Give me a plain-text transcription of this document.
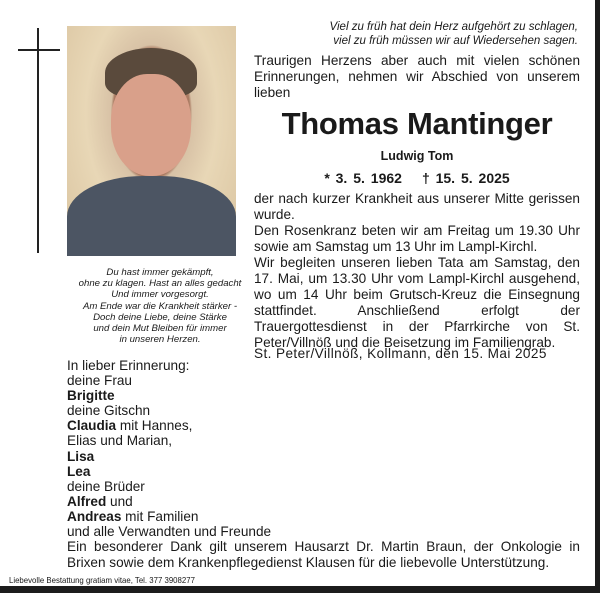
Du hast immer gekämpft,
ohne zu klagen. Hast an alles gedacht
Und immer vorgesorgt.
Am Ende war die Krankheit stärker -
Doch deine Liebe, deine Stärke
und dein Mut Bleiben für immer
in unseren Herzen.
Viel zu früh hat dein Herz aufgehört zu schlagen,
viel zu früh müssen wir auf Wiedersehen sagen.
Traurigen Herzens aber auch mit vielen schönen Erinnerungen, nehmen wir Abschied von unserem lieben
Thomas Mantinger
Ludwig Tom
* 3. 5. 1962 † 15. 5. 2025

der nach kurzer Krankheit aus unserer Mitte gerissen wurde.

Den Rosenkranz beten wir am Freitag um 19.30 Uhr sowie am Samstag um 13 Uhr im Lampl-Kirchl.

Wir begleiten unseren lieben Tata am Samstag, den 17. Mai, um 13.30 Uhr vom Lampl-Kirchl ausgehend, wo um 14 Uhr beim Grutsch-Kreuz die Einsegnung stattfindet. Anschließend erfolgt der Trauergottesdienst in der Pfarrkirche von St. Peter/Villnöß und die Beisetzung im Familiengrab.

St. Peter/Villnöß, Kollmann, den 15. Mai 2025
In lieber Erinnerung:
deine Frau
Brigitte
deine Gitschn
Claudia mit Hannes,
Elias und Marian,
Lisa
Lea
deine Brüder
Alfred und
Andreas mit Familien
und alle Verwandten und Freunde
Ein besonderer Dank gilt unserem Hausarzt Dr. Martin Braun, der Onkologie in Brixen sowie dem Krankenpflegedienst Klausen für die liebevolle Unterstützung.
Liebevolle Bestattung gratiam vitae, Tel. 377 3908277
